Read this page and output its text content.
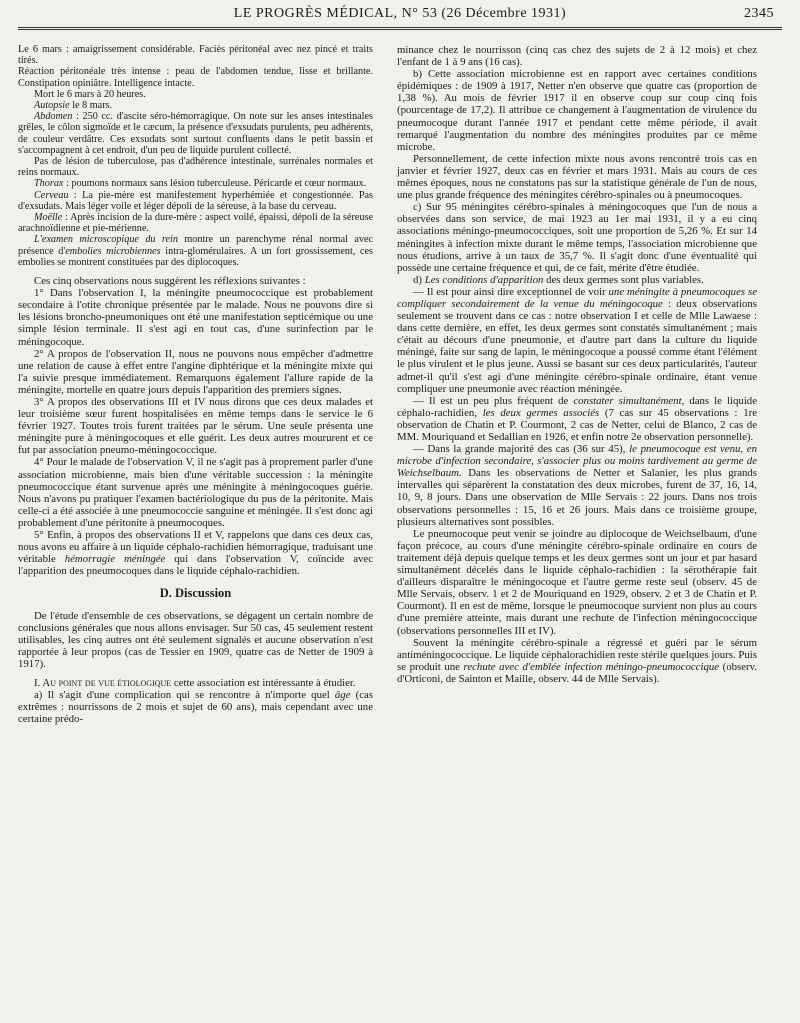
LE PROGRÈS MÉDICAL, N° 53 (26 Décembre 1931)	2345

Le 6 mars : amaigrissement considérable. Faciès péritonéal avec nez pincé et traits tirés.

Réaction péritonéale très intense : peau de l'abdomen tendue, lisse et brillante. Constipation opiniâtre. Intelligence intacte.

Mort le 6 mars à 20 heures.

Autopsie le 8 mars.

Abdomen : 250 cc. d'ascite séro-hémorragique. On note sur les anses intestinales grêles, le côlon sigmoïde et le cæcum, la présence d'exsudats purulents, peu adhérents, de couleur verdâtre. Ces exsudats sont surtout confluents dans le petit bassin et s'accompagnent à cet endroit, d'un peu de liquide purulent collecté.

Pas de lésion de tuberculose, pas d'adhérence intestinale, surrénales normales et reins normaux.

Thorax : poumons normaux sans lésion tuberculeuse. Péricarde et cœur normaux.

Cerveau : La pie-mère est manifestement hyperhémiée et congestionnée. Pas d'exsudats. Mais léger voile et léger dépoli de la séreuse, à la base du cerveau.

Moëlle : Après incision de la dure-mère : aspect voilé, épaissi, dépoli de la séreuse arachnoïdienne et pie-mérienne.

L'examen microscopique du rein montre un parenchyme rénal normal avec présence d'embolies microbiennes intra-glomérulaires. A un fort grossissement, ces embolies se montrent constituées par des diplocoques.

Ces cinq observations nous suggèrent les réflexions suivantes :

1° Dans l'observation I, la méningite pneumococcique est probablement secondaire à l'otite chronique présentée par le malade. Nous ne pouvons dire si les lésions broncho-pneumoniques ont été une manifestation septicémique ou une simple lésion terminale. Il s'est agi en tout cas, d'une surinfection par le méningocoque.

2° A propos de l'observation II, nous ne pouvons nous empêcher d'admettre une relation de cause à effet entre l'angine diphtérique et la méningite mixte qui l'a suivie presque immédiatement. Remarquons également l'allure rapide de la méningite, mortelle en quatre jours depuis l'apparition des premiers signes.

3° A propos des observations III et IV nous dirons que ces deux malades et leur troisième sœur furent hospitalisées en même temps dans le service le 6 février 1927. Toutes trois furent traitées par le sérum. Une seule présenta une méningite pure à méningocoques et elle guérit. Les deux autres moururent et ce fut par association pneumo-méningococcique.

4° Pour le malade de l'observation V, il ne s'agit pas à proprement parler d'une association microbienne, mais bien d'une véritable succession : la méningite pneumococcique étant survenue après une méningite à méningocoques guérie. Nous n'avons pu pratiquer l'examen bactériologique du pus de la péritonite. Mais celle-ci a été associée à une pneumococcie sanguine et méningée. Il s'est donc agi probablement d'une péritonite à pneumocoques.

5° Enfin, à propos des observations II et V, rappelons que dans ces deux cas, nous avons eu affaire à un liquide céphalo-rachidien hémorragique, traduisant une véritable hémorragie méningée qui dans l'observation V, coïncide avec l'apparition des pneumocoques dans le liquide céphalo-rachidien.

D. Discussion

De l'étude d'ensemble de ces observations, se dégagent un certain nombre de conclusions générales que nous allons envisager. Sur 50 cas, 45 seulement restent utilisables, les cinq autres ont été seulement signalés et aucune observation n'est rapportée à leur propos (cas de Tessier en 1909, quatre cas de Netter de 1909 à 1917).

I. Au point de vue étiologique cette association est intéressante à étudier.

a) Il s'agit d'une complication qui se rencontre à n'importe quel âge (cas extrêmes : nourrissons de 2 mois et sujet de 60 ans), mais cependant avec une certaine prédo-

minance chez le nourrisson (cinq cas chez des sujets de 2 à 12 mois) et chez l'enfant de 1 à 9 ans (16 cas).

b) Cette association microbienne est en rapport avec certaines conditions épidémiques : de 1909 à 1917, Netter n'en observe que quatre cas (proportion de 1,38 %). Au mois de février 1917 il en observe coup sur coup cinq fois (pourcentage de 17,2). Il attribue ce changement à l'augmentation de virulence du pneumocoque durant l'année 1917 et pendant cette même période, il avait remarqué l'augmentation du nombre des méningites produites par ce même microbe.

Personnellement, de cette infection mixte nous avons rencontré trois cas en janvier et février 1927, deux cas en février et mars 1931. Mais au cours de ces mêmes époques, nous ne constatons pas sur la statistique générale de l'un de nous, une plus grande fréquence des méningites cérébro-spinales ou à pneumocoques.

c) Sur 95 méningites cérébro-spinales à méningocoques que l'un de nous a observées dans son service, de mai 1923 au 1er mai 1931, il y a eu cinq associations méningo-pneumococciques, soit une proportion de 5,26 %. Et sur 14 méningites à infection mixte durant le même temps, l'association microbienne que nous étudions, arrive à un taux de 35,7 %. Il s'agit donc d'une éventualité qui possède une certaine fréquence et qui, de ce fait, mérite d'être étudiée.

d) Les conditions d'apparition des deux germes sont plus variables.

— Il est pour ainsi dire exceptionnel de voir une méningite à pneumocoques se compliquer secondairement de la venue du méningocoque : deux observations seulement se trouvent dans ce cas : notre observation I et celle de Mlle Lawaese : dans cette dernière, en effet, les deux germes sont constatés simultanément ; mais c'était au décours d'une pneumonie, et d'autre part dans la culture du liquide méningé, faite sur sang de lapin, le méningocoque a poussé comme étant l'élément le plus virulent et le plus jeune. Aussi se basant sur ces deux particularités, l'auteur admet-il qu'il s'est agi d'une méningite cérébro-spinale ordinaire, étant venue compliquer une pneumonie avec réaction méningée.

— Il est un peu plus fréquent de constater simultanément, dans le liquide céphalo-rachidien, les deux germes associés (7 cas sur 45 observations : 1re observation de Chatin et P. Courmont, 2 cas de Netter, celui de Blanco, 2 cas de MM. Mouriquand et Sedallian en 1926, et enfin notre 2e observation personnelle).

— Dans la grande majorité des cas (36 sur 45), le pneumocoque est venu, en microbe d'infection secondaire, s'associer plus ou moins tardivement au germe de Weichselbaum. Dans les observations de Netter et Salanier, les plus grands intervalles qui séparèrent la constatation des deux microbes, furent de 37, 16, 14, 10, 9, 8 jours. Dans une observation de Mlle Servais : 22 jours. Dans nos trois observations personnelles : 15, 16 et 26 jours. Mais dans ce troisième groupe, plusieurs alternatives sont possibles.

Le pneumocoque peut venir se joindre au diplocoque de Weichselbaum, d'une façon précoce, au cours d'une méningite cérébro-spinale ordinaire en cours de traitement déjà depuis quelque temps et les deux germes sont un jour et par hasard simultanément décelés dans le liquide céphalo-rachidien : la sérothérapie fait d'ailleurs disparaître le méningocoque et l'autre germe reste seul (observ. 45 de Mlle Servais, observ. 1 et 2 de Mouriquand en 1929, observ. 2 et 3 de Chatin et P. Courmont). Il en est de même, lorsque le pneumocoque survient non plus au cours d'une première atteinte, mais durant une rechute de l'infection méningococcique (observations personnelles III et IV).

Souvent la méningite cérébro-spinale a régressé et guéri par le sérum antiméningococcique. Le liquide céphalorachidien reste stérile quelques jours. Puis se produit une rechute avec d'emblée infection méningo-pneumococcique (observ. d'Orticoni, de Sainton et Maille, observ. 44 de Mlle Servais).
